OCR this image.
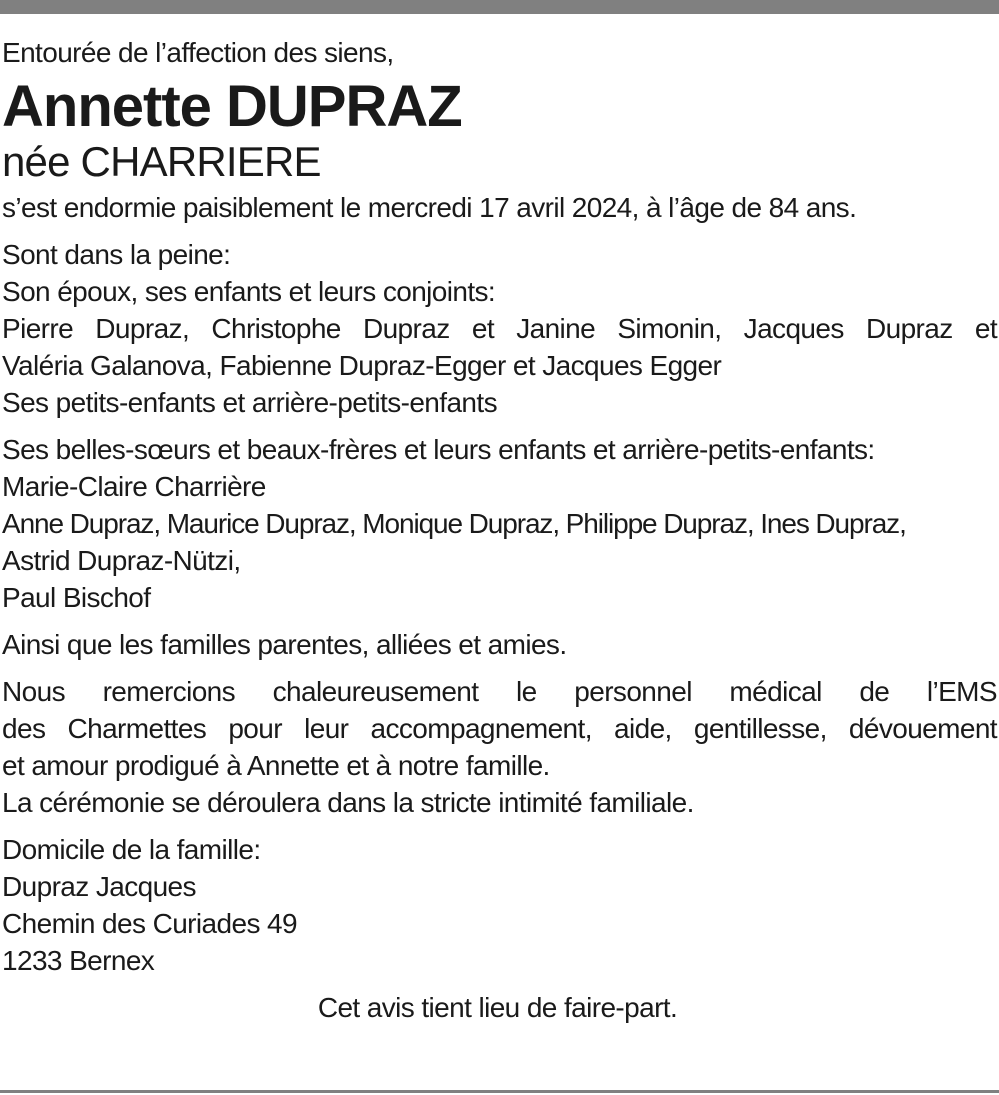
Entourée de l’affection des siens,
Annette DUPRAZ
née CHARRIERE
s’est endormie paisiblement le mercredi 17 avril 2024, à l’âge de 84 ans.
Sont dans la peine:
Son époux, ses enfants et leurs conjoints:
Pierre Dupraz, Christophe Dupraz et Janine Simonin, Jacques Dupraz et
Valéria Galanova, Fabienne Dupraz-Egger et Jacques Egger
Ses petits-enfants et arrière-petits-enfants
Ses belles-sœurs et beaux-frères et leurs enfants et arrière-petits-enfants:
Marie-Claire Charrière
Anne Dupraz, Maurice Dupraz, Monique Dupraz, Philippe Dupraz, Ines Dupraz,
Astrid Dupraz-Nützi,
Paul Bischof
Ainsi que les familles parentes, alliées et amies.
Nous remercions chaleureusement le personnel médical de l’EMS
des Charmettes pour leur accompagnement, aide, gentillesse, dévouement
et amour prodigué à Annette et à notre famille.
La cérémonie se déroulera dans la stricte intimité familiale.
Domicile de la famille:
Dupraz Jacques
Chemin des Curiades 49
1233 Bernex
Cet avis tient lieu de faire-part.
